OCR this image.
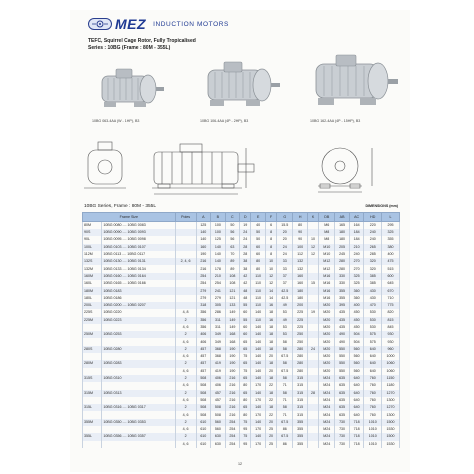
MEZ INDUCTION MOTORS
TEFC, Squirrel Cage Rotor, Fully Tropicalised
Series : 10BG (Frame : 80M - 355L)
10BG 063-4AA (W - 1HP), B3	10BG 106-4AA (4P - 2HP), B3	10BG 162-4AA (4P - 15HP), B3
10BG Series, Frame : 80M - 355L	DIMENSIONS (mm)
Frame Size		Poles	A	B	C	D	E	F	G	H	K	DB	AB	AC	HD	L
80M	10BG 0080 .... 10BG 0083		125	100	50	19	40	6	15.5	80		M6	165	164	220	295
90S	10BG 0090 .... 10BG 0093		140	100	56	24	50	8	20	90		M8	180	184	240	325
90L	10BG 0095 .... 10BG 0098		140	125	56	24	50	8	20	90	10	M8	180	184	240	355
100L	10BG 0103 .... 10BG 0107		160	140	63	28	60	8	24	100	12	M10	205	210	265	380
112M	10BG 0113 .... 10BG 0117		190	140	70	28	60	8	24	112	12	M10	245	240	285	400
132S	10BG 0130 .... 10BG 0131	2, 4, 6	216	140	89	38	80	10	33	132		M12	280	270	320	475
132M	10BG 0133 .... 10BG 0134		216	178	89	38	80	10	33	132		M12	280	270	320	515
160M	10BG 0160 .... 10BG 0164		254	210	108	42	110	12	37	160		M16	330	325	385	600
160L	10BG 0165 .... 10BG 0166		254	254	108	42	110	12	37	160	15	M16	330	325	385	645
180M	10BG 0183		279	241	121	48	110	14	42.5	180		M16	355	360	430	670
180L	10BG 0186		279	279	121	48	110	14	42.5	180		M16	355	360	430	710
200L	10BG 0200 .... 10BG 0207		318	305	133	55	110	16	49	200		M20	395	400	470	775
225S	10BG 0220	4, 8	356	286	149	60	140	18	53	225	19	M20	435	450	530	820
225M	10BG 0223	2	356	311	149	55	110	16	49	225		M20	435	450	530	815
		4, 6	356	311	149	60	140	18	53	225		M20	435	450	530	845
250M	10BG 0253	2	406	349	168	60	140	18	53	250		M20	490	504	575	930
		4, 6	406	349	168	65	140	18	58	250		M20	490	504	575	930
280S	10BG 0280	2	457	368	190	65	140	18	58	280	24	M20	550	560	640	960
		4, 6	457	368	190	75	140	20	67.5	280		M20	550	560	640	1000
280M	10BG 0283	2	457	419	190	65	140	18	58	280		M20	550	560	640	1060
		4, 6	457	419	190	75	140	20	67.5	280		M20	550	560	640	1060
315S	10BG 0310	2	508	406	216	65	140	18	58	315		M24	635	640	760	1150
		4, 6	508	406	216	80	170	22	71	315		M24	635	640	760	1180
315M	10BG 0313	2	508	457	216	65	140	18	58	315	28	M24	635	640	760	1270
		4, 6	508	457	216	80	170	22	71	315		M24	635	640	760	1300
315L	10BG 0316 .... 10BG 0317	2	508	508	216	65	140	18	58	315		M24	635	640	760	1270
		4, 6	508	508	216	80	170	22	71	315		M24	635	640	760	1300
355M	10BG 0350 .... 10BG 0353	2	610	560	254	75	140	20	67.5	355		M24	730	718	1010	1500
		4, 6	610	560	254	95	170	25	86	355		M24	730	718	1010	1530
355L	10BG 0356 .... 10BG 0357	2	610	630	254	75	140	20	67.5	355		M24	730	718	1010	1500
		4, 6	610	630	254	95	170	25	86	355		M24	730	718	1010	1530
12
